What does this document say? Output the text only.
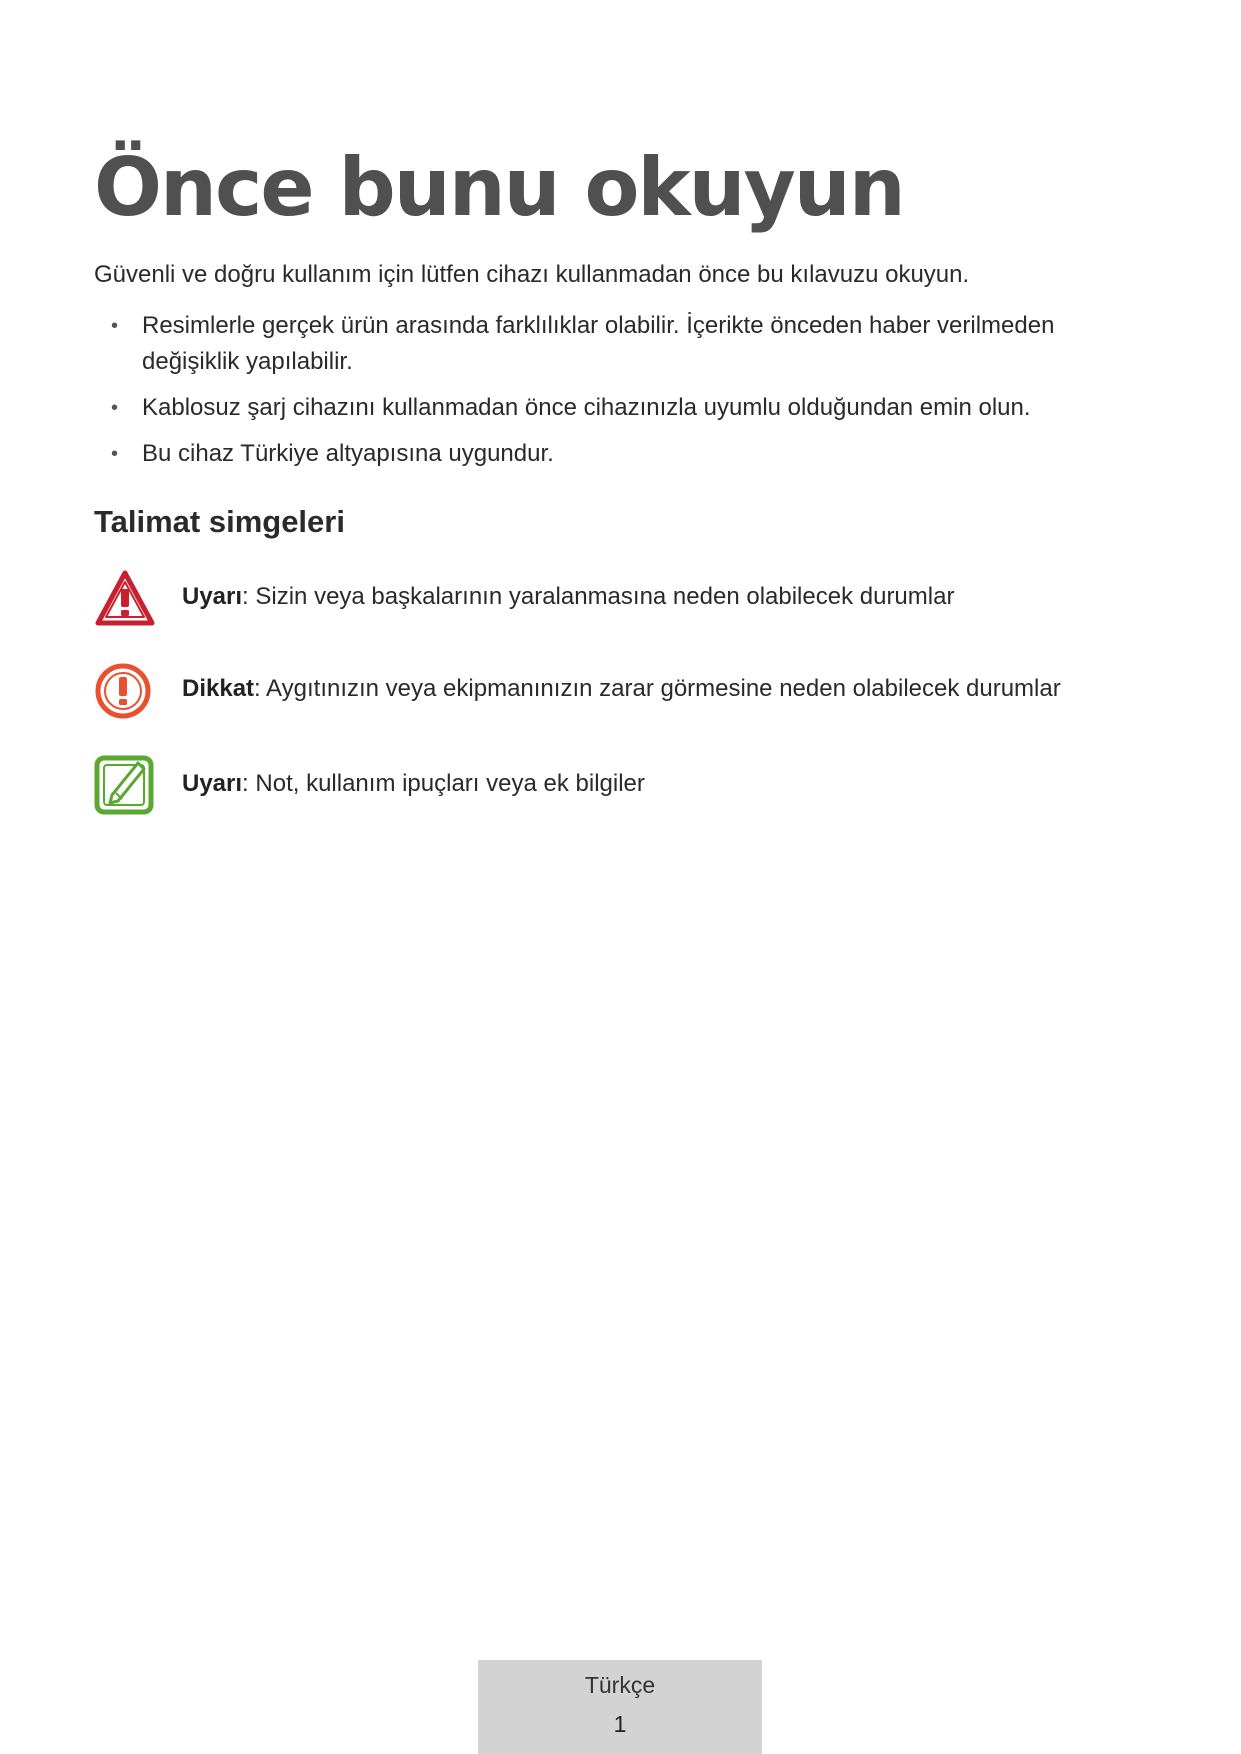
Önce bunu okuyun

Güvenli ve doğru kullanım için lütfen cihazı kullanmadan önce bu kılavuzu okuyun.

• Resimlerle gerçek ürün arasında farklılıklar olabilir. İçerikte önceden haber verilmeden değişiklik yapılabilir.
• Kablosuz şarj cihazını kullanmadan önce cihazınızla uyumlu olduğundan emin olun.
• Bu cihaz Türkiye altyapısına uygundur.
Talimat simgeleri
Uyarı: Sizin veya başkalarının yaralanmasına neden olabilecek durumlar
Dikkat: Aygıtınızın veya ekipmanınızın zarar görmesine neden olabilecek durumlar
Uyarı: Not, kullanım ipuçları veya ek bilgiler
Türkçe
1
